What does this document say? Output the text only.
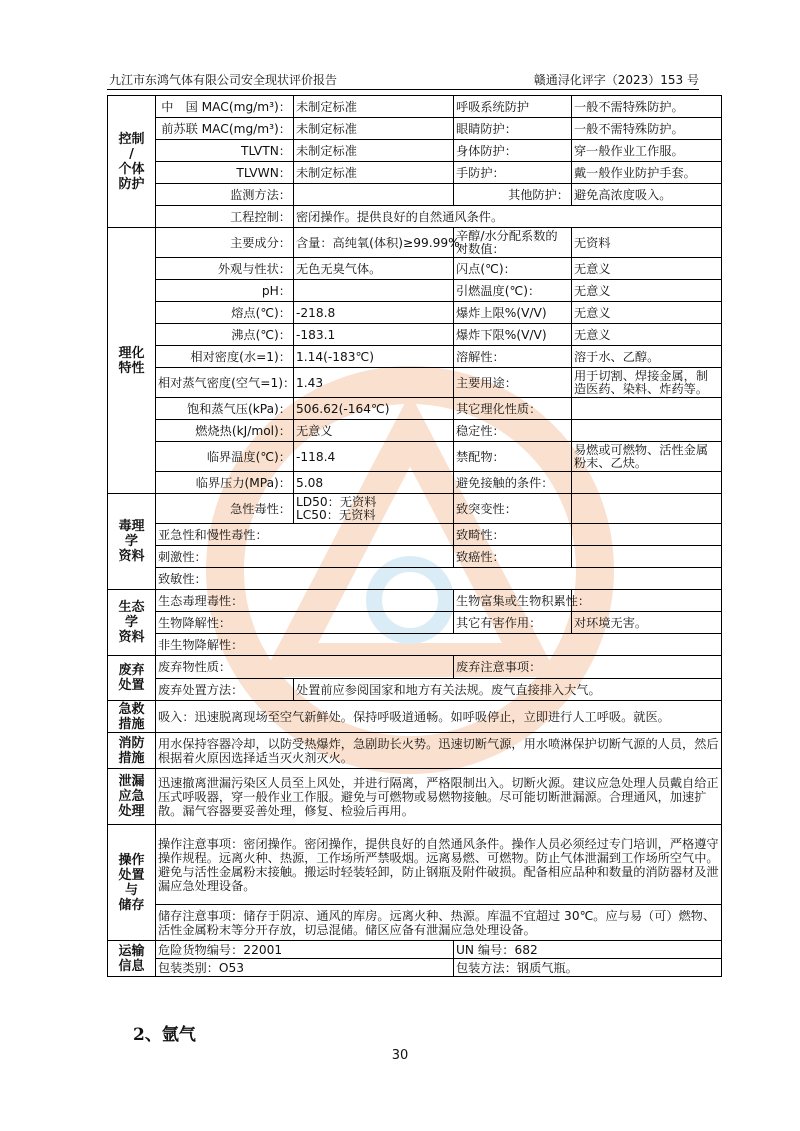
九江市东鸿气体有限公司安全现状评价报告	赣通浔化评字（2023）153 号
控制
/
个体
防护	中　国 MAC(mg/m³)：	未制定标准	呼吸系统防护	一般不需特殊防护。
	前苏联 MAC(mg/m³)：	未制定标准	眼睛防护：	一般不需特殊防护。
	TLVTN：	未制定标准	身体防护：	穿一般作业工作服。
	TLVWN：	未制定标准	手防护：	戴一般作业防护手套。
	监测方法：		其他防护：	避免高浓度吸入。
	工程控制：	密闭操作。提供良好的自然通风条件。		
理化
特性	主要成分：	含量：高纯氧(体积)≥99.99%。	辛醇/水分配系数的对数值：	无资料
	外观与性状：	无色无臭气体。	闪点(℃)：	无意义
	pH：		引燃温度(℃)：	无意义
	熔点(℃)：	-218.8	爆炸上限%(V/V)	无意义
	沸点(℃)：	-183.1	爆炸下限%(V/V)	无意义
	相对密度(水=1)：	1.14(-183℃)	溶解性：	溶于水、乙醇。
	相对蒸气密度(空气=1)：	1.43	主要用途：	用于切割、焊接金属，制造医药、染料、炸药等。
	饱和蒸气压(kPa)：	506.62(-164℃)	其它理化性质：	
	燃烧热(kJ/mol)：	无意义	稳定性：	
	临界温度(℃)：	-118.4	禁配物：	易燃或可燃物、活性金属粉末、乙炔。
	临界压力(MPa)：	5.08	避免接触的条件：	
毒理
学
资料	急性毒性：	LD50：无资料
LC50：无资料	致突变性：	
	亚急性和慢性毒性：		致畸性：	
	刺激性：		致癌性：	
	致敏性：			
生态
学
资料	生态毒理毒性：		生物富集或生物积累性：	
	生物降解性：		其它有害作用：	对环境无害。
	非生物降解性：			
废弃
处置	废弃物性质：		废弃注意事项：	
	废弃处置方法：	处置前应参阅国家和地方有关法规。废气直接排入大气。		
急救
措施	吸入：迅速脱离现场至空气新鲜处。保持呼吸道通畅。如呼吸停止，立即进行人工呼吸。就医。			
消防
措施	用水保持容器冷却，以防受热爆炸，急剧助长火势。迅速切断气源，用水喷淋保护切断气源的人员，然后根据着火原因选择适当灭火剂灭火。			
泄漏
应急
处理	迅速撤离泄漏污染区人员至上风处，并进行隔离，严格限制出入。切断火源。建议应急处理人员戴自给正压式呼吸器，穿一般作业工作服。避免与可燃物或易燃物接触。尽可能切断泄漏源。合理通风，加速扩散。漏气容器要妥善处理，修复、检验后再用。			
操作
处置
与
储存	操作注意事项：密闭操作。密闭操作，提供良好的自然通风条件。操作人员必须经过专门培训，严格遵守操作规程。远离火种、热源，工作场所严禁吸烟。远离易燃、可燃物。防止气体泄漏到工作场所空气中。避免与活性金属粉末接触。搬运时轻装轻卸，防止钢瓶及附件破损。配备相应品种和数量的消防器材及泄漏应急处理设备。			
	储存注意事项：储存于阴凉、通风的库房。远离火种、热源。库温不宜超过 30℃。应与易（可）燃物、活性金属粉末等分开存放，切忌混储。储区应备有泄漏应急处理设备。			
运输
信息	危险货物编号：22001		UN 编号：682	
	包装类别：O53		包装方法：钢质气瓶。	
2、氩气
30
